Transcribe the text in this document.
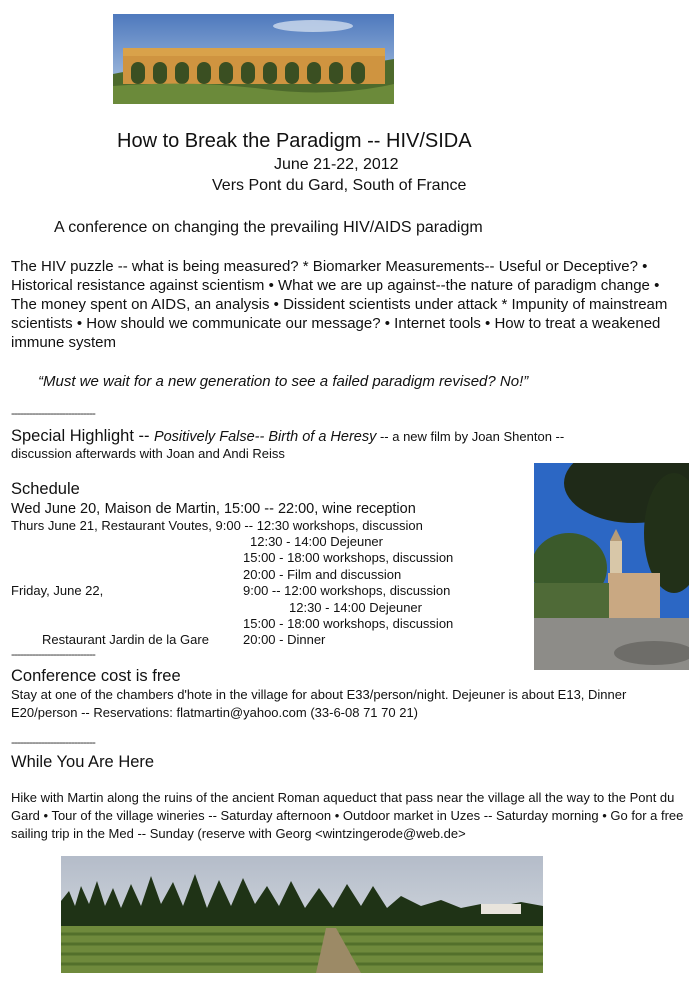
How to Break the Paradigm -- HIV/SIDA
June 21-22, 2012
Vers Pont du Gard, South of France
A conference on changing the prevailing HIV/AIDS paradigm
The HIV puzzle -- what is being measured? * Biomarker Measurements-- Useful or Deceptive? • Historical resistance against scientism • What we are up against--the nature of paradigm change • The money spent on AIDS, an analysis • Dissident scientists under attack * Impunity of mainstream scientists • How should we communicate our message? • Internet tools • How to treat a weakened immune system
“Must we wait for a new generation to see a failed paradigm revised? No!”
----------------------------
Special Highlight -- Positively False-- Birth of a Heresy -- a new film by Joan Shenton --
discussion afterwards with Joan and Andi Reiss
Schedule
Wed June 20, Maison de Martin, 15:00 -- 22:00, wine reception
Thurs June 21, Restaurant Voutes, 9:00 -- 12:30 workshops, discussion
12:30 - 14:00 Dejeuner
15:00 - 18:00 workshops, discussion
20:00 - Film and discussion
Friday, June 22,	9:00 -- 12:00 workshops, discussion
12:30 - 14:00 Dejeuner
15:00 - 18:00 workshops, discussion
Restaurant Jardin de la Gare	20:00 - Dinner
----------------------------
Conference cost is free
Stay at one of the chambers d'hote in the village for about E33/person/night. Dejeuner is about E13, Dinner E20/person -- Reservations: flatmartin@yahoo.com (33-6-08 71 70 21)
----------------------------
While You Are Here
Hike with Martin along the ruins of the ancient Roman aqueduct that pass near the village all the way to the Pont du Gard • Tour of the village wineries -- Saturday afternoon • Outdoor market in Uzes -- Saturday morning • Go for a free sailing trip in the Med -- Sunday (reserve with Georg <wintzingerode@web.de>
